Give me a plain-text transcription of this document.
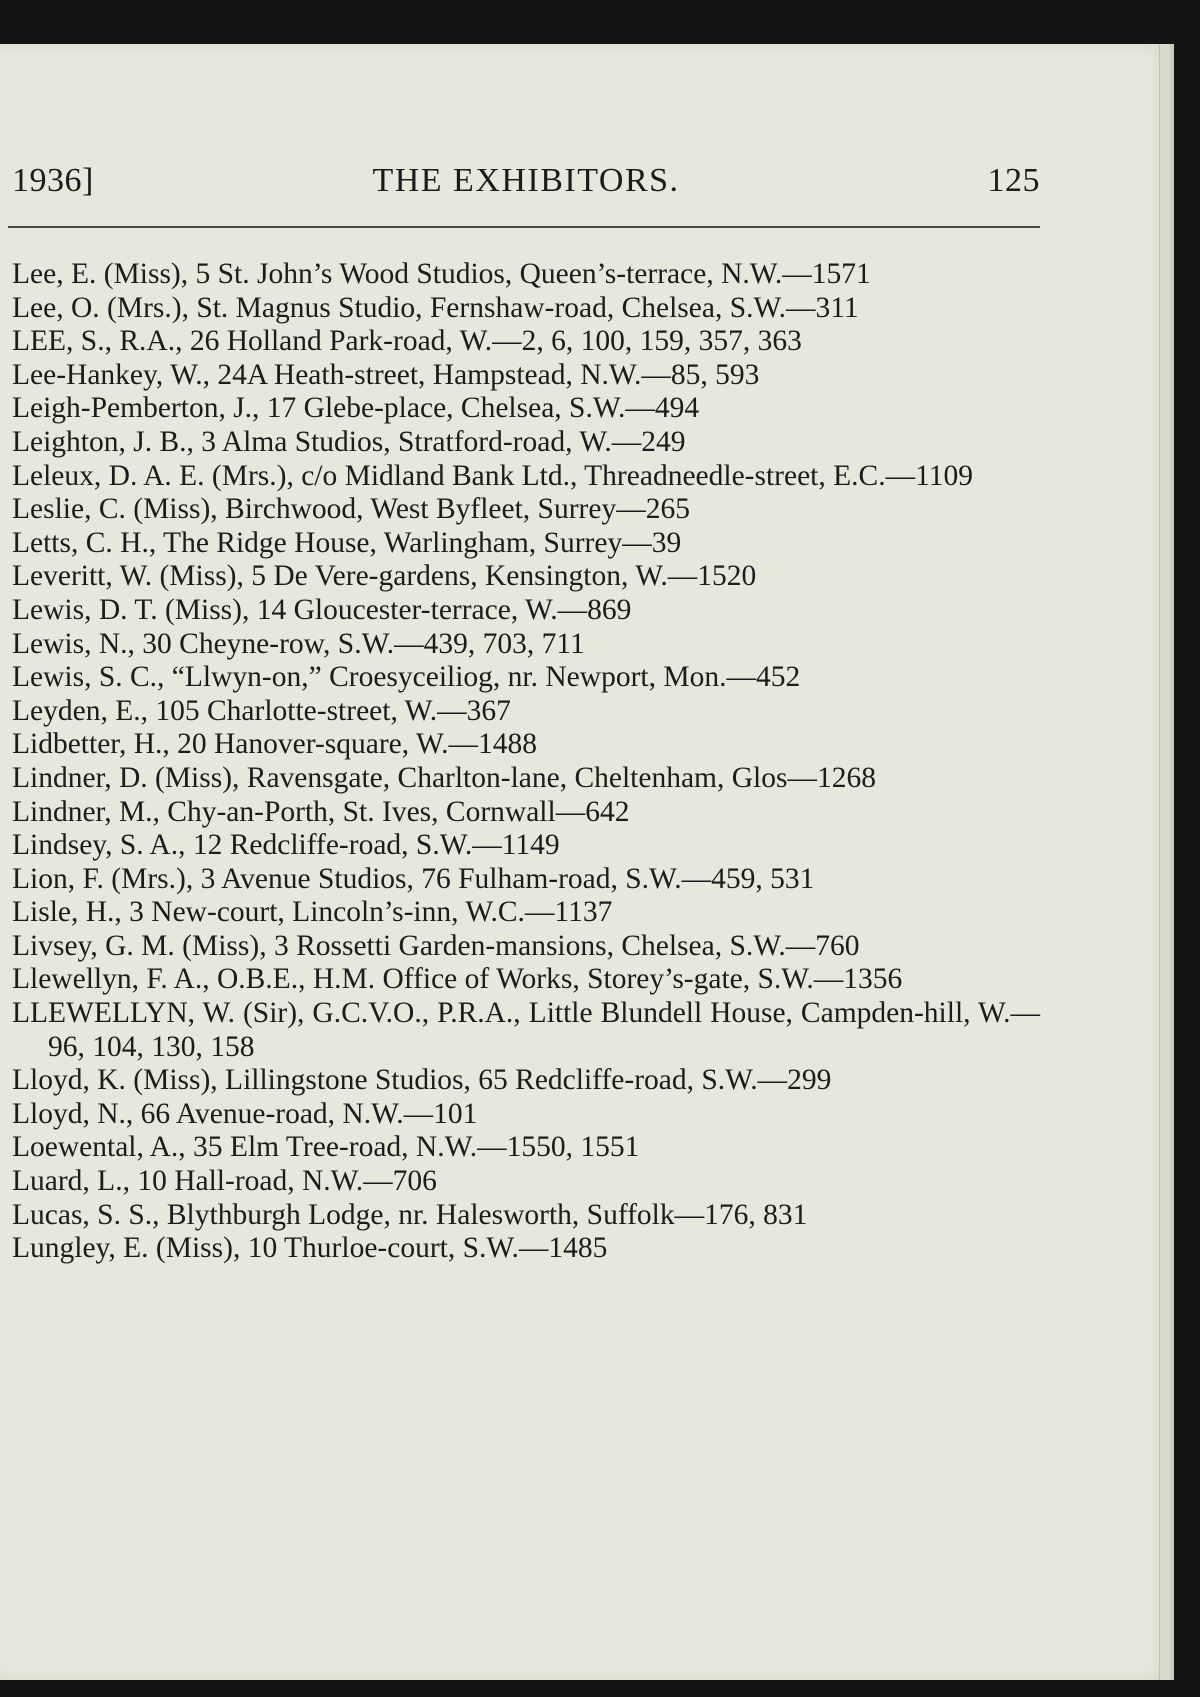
1936]	THE EXHIBITORS.	125
Lee, E. (Miss), 5 St. John’s Wood Studios, Queen’s-terrace, N.W.—1571
Lee, O. (Mrs.), St. Magnus Studio, Fernshaw-road, Chelsea, S.W.—311
LEE, S., R.A., 26 Holland Park-road, W.—2, 6, 100, 159, 357, 363
Lee-Hankey, W., 24A Heath-street, Hampstead, N.W.—85, 593
Leigh-Pemberton, J., 17 Glebe-place, Chelsea, S.W.—494
Leighton, J. B., 3 Alma Studios, Stratford-road, W.—249
Leleux, D. A. E. (Mrs.), c/o Midland Bank Ltd., Threadneedle-street, E.C.—1109
Leslie, C. (Miss), Birchwood, West Byfleet, Surrey—265
Letts, C. H., The Ridge House, Warlingham, Surrey—39
Leveritt, W. (Miss), 5 De Vere-gardens, Kensington, W.—1520
Lewis, D. T. (Miss), 14 Gloucester-terrace, W.—869
Lewis, N., 30 Cheyne-row, S.W.—439, 703, 711
Lewis, S. C., “Llwyn-on,” Croesyceiliog, nr. Newport, Mon.—452
Leyden, E., 105 Charlotte-street, W.—367
Lidbetter, H., 20 Hanover-square, W.—1488
Lindner, D. (Miss), Ravensgate, Charlton-lane, Cheltenham, Glos—1268
Lindner, M., Chy-an-Porth, St. Ives, Cornwall—642
Lindsey, S. A., 12 Redcliffe-road, S.W.—1149
Lion, F. (Mrs.), 3 Avenue Studios, 76 Fulham-road, S.W.—459, 531
Lisle, H., 3 New-court, Lincoln’s-inn, W.C.—1137
Livsey, G. M. (Miss), 3 Rossetti Garden-mansions, Chelsea, S.W.—760
Llewellyn, F. A., O.B.E., H.M. Office of Works, Storey’s-gate, S.W.—1356
LLEWELLYN, W. (Sir), G.C.V.O., P.R.A., Little Blundell House, Campden-hill, W.—96, 104, 130, 158
Lloyd, K. (Miss), Lillingstone Studios, 65 Redcliffe-road, S.W.—299
Lloyd, N., 66 Avenue-road, N.W.—101
Loewental, A., 35 Elm Tree-road, N.W.—1550, 1551
Luard, L., 10 Hall-road, N.W.—706
Lucas, S. S., Blythburgh Lodge, nr. Halesworth, Suffolk—176, 831
Lungley, E. (Miss), 10 Thurloe-court, S.W.—1485
